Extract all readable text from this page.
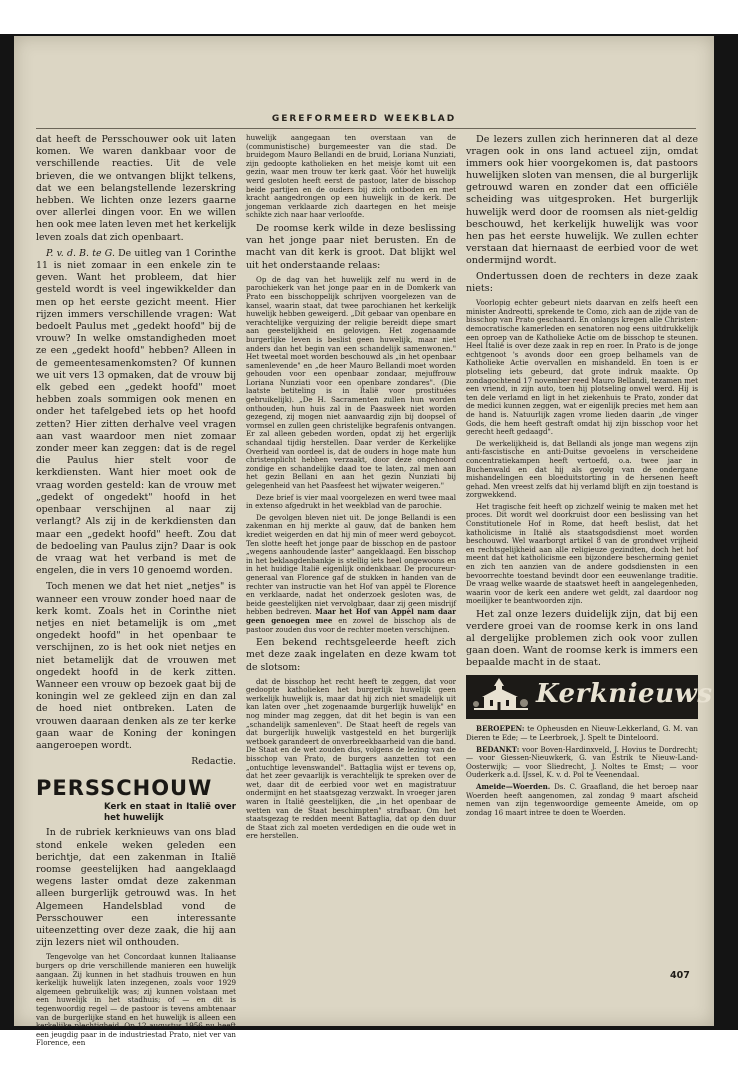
GEREFORMEERD WEEKBLAD

dat heeft de Persschouwer ook uit laten komen. We waren dankbaar voor de verschillende reacties. Uit de vele brieven, die we ontvangen blijkt telkens, dat we een belangstellende lezerskring hebben. We lichten onze lezers gaarne over allerlei dingen voor. En we willen hen ook mee laten leven met het kerkelijk leven zoals dat zich openbaart.

P. v. d. B. te G. De uitleg van 1 Corinthe 11 is niet zomaar in een enkele zin te geven. Want het probleem, dat hier gesteld wordt is veel ingewikkelder dan men op het eerste gezicht meent. Hier rijzen immers verschillende vragen: Wat bedoelt Paulus met „gedekt hoofd" bij de vrouw? In welke omstandigheden moet ze een „gedekt hoofd" hebben? Alleen in de gemeentesamenkomsten? Of kunnen we uit vers 13 opmaken, dat de vrouw bij elk gebed een „gedekt hoofd" moet hebben zoals sommigen ook menen en onder het tafelgebed iets op het hoofd zetten? Hier zitten derhalve veel vragen aan vast waardoor men niet zomaar zonder meer kan zeggen: dat is de regel die Paulus hier stelt voor de kerkdiensten. Want hier moet ook de vraag worden gesteld: kan de vrouw met „gedekt of ongedekt" hoofd in het openbaar verschijnen al naar zij verlangt? Als zij in de kerkdiensten dan maar een „gedekt hoofd" heeft. Zou dat de bedoeling van Paulus zijn? Daar is ook de vraag wat het verband is met de engelen, die in vers 10 genoemd worden.

Toch menen we dat het niet „netjes" is wanneer een vrouw zonder hoed naar de kerk komt. Zoals het in Corinthe niet netjes en niet betamelijk is om „met ongedekt hoofd" in het openbaar te verschijnen, zo is het ook niet netjes en niet betamelijk dat de vrouwen met ongedekt hoofd in de kerk zitten. Wanneer een vrouw op bezoek gaat bij de koningin wel ze gekleed zijn en dan zal de hoed niet ontbreken. Laten de vrouwen daaraan denken als ze ter kerke gaan waar de Koning der koningen aangeroepen wordt.

Redactie.

PERSSCHOUW
Kerk en staat in Italië over het huwelijk

In de rubriek kerknieuws van ons blad stond enkele weken geleden een berichtje, dat een zakenman in Italië roomse geestelijken had aangeklaagd wegens laster omdat deze zakenman alleen burgerlijk getrouwd was. In het Algemeen Handelsblad vond de Persschouwer een interessante uiteenzetting over deze zaak, die hij aan zijn lezers niet wil onthouden.

Tengevolge van het Concordaat kunnen Italiaanse burgers op drie verschillende manieren een huwelijk aangaan. Zij kunnen in het stadhuis trouwen en hun kerkelijk huwelijk laten inzegenen, zoals voor 1929 algemeen gebruikelijk was; zij kunnen volstaan met een huwelijk in het stadhuis; of — en dit is tegenwoordig regel — de pastoor is tevens ambtenaar van de burgerlijke stand en het huwelijk is alleen een kerkelijke plechtigheid. Op 12 augustus 1956 nu heeft een jeugdig paar in de industriestad Prato, niet ver van Florence, een

huwelijk aangegaan ten overstaan van de (communistische) burgemeester van die stad. De bruidegom Mauro Bellandi en de bruid, Loriana Nunziati, zijn gedoopte katholieken en het meisje komt uit een gezin, waar men trouw ter kerk gaat. Vóór het huwelijk werd gesloten heeft eerst de pastoor, later de bisschop beide partijen en de ouders bij zich ontboden en met kracht aangedrongen op een huwelijk in de kerk. De jongeman verklaarde zich daartegen en het meisje schikte zich naar haar verloofde.

De roomse kerk wilde in deze beslissing van het jonge paar niet berusten. En de macht van dit kerk is groot. Dat blijkt wel uit het onderstaande relaas:

Op de dag van het huwelijk zelf nu werd in de parochiekerk van het jonge paar en in de Domkerk van Prato een bisschoppelijk schrijven voorgelezen van de kansel, waarin staat, dat twee parochianen het kerkelijk huwelijk hebben geweigerd. „Dit gebaar van openbare en verachtelijke verguizing der religie bereidt diepe smart aan geestelijkheid en gelovigen. Het zogenaamde burgerlijke leven is beslist geen huwelijk, maar niet anders dan het begin van een schandelijk samenwonen." Het tweetal moet worden beschouwd als „in het openbaar samenlevende" en „de heer Mauro Bellandi moet worden gehouden voor een openbaar zondaar, mejuffrouw Loriana Nunziati voor een openbare zondares". (Die laatste betiteling is in Italië voor prostituées gebruikelijk). „De H. Sacramenten zullen hun worden onthouden, hun huis zal in de Paasweek niet worden gezegend, zij mogen niet aanvaardig zijn bij doopsel of vormsel en zullen geen christelijke begrafenis ontvangen. Er zal alleen gebeden worden, opdat zij het ergerlijk schandaal tijdig herstellen. Daar verder de Kerkelijke Overheid van oordeel is, dat de ouders in hoge mate hun christenplicht hebben verzaakt, door deze ongehoord zondige en schandelijke daad toe te laten, zal men aan het gezin Bellani en aan het gezin Nunziati bij gelegenheid van het Paasfeest het wijwater weigeren."

Deze brief is vier maal voorgelezen en werd twee maal in extenso afgedrukt in het weekblad van de parochie.

De gevolgen bleven niet uit. De jonge Bellandi is een zakenman en hij merkte al gauw, dat de banken hem krediet weigerden en dat hij min of meer werd geboycot. Ten slotte heeft het jonge paar de bisschop en de pastoor „wegens aanhoudende laster" aangeklaagd. Een bisschop in het beklaagdenbankje is stellig iets heel ongewoons en in het huidige Italië eigenlijk ondenkbaar. De procureur-generaal van Florence gaf de stukken in handen van de rechter van instructie van het Hof van appèl te Florence en verklaarde, nadat het onderzoek gesloten was, de beide geestelijken niet vervolgbaar, daar zij geen misdrijf hebben bedreven. Maar het Hof van Appèl nam daar geen genoegen mee en zowel de bisschop als de pastoor zouden dus voor de rechter moeten verschijnen.

Een bekend rechtsgeleerde heeft zich met deze zaak ingelaten en deze kwam tot de slotsom:

dat de bisschop het recht heeft te zeggen, dat voor gedoopte katholieken het burgerlijk huwelijk geen werkelijk huwelijk is, maar dat hij zich niet smadelijk uit kan laten over „het zogenaamde burgerlijk huwelijk" en nog minder mag zeggen, dat dit het begin is van een „schandelijk samenleven". De Staat heeft de regels van dat burgerlijk huwelijk vastgesteld en het burgerlijk wetboek garandeert de onverbreekbaarheid van die band. De Staat en de wet zouden dus, volgens de lezing van de bisschop van Prato, de burgers aanzetten tot een „ontuchtige levenswandel". Battaglia wijst er tevens op, dat het zeer gevaarlijk is verachtelijk te spreken over de wet, daar dit de eerbied voor wet en magistratuur ondermijnt en het staatsgezag verzwakt. In vroeger jaren waren in Italië geestelijken, die „in het openbaar de wetten van de Staat beschimpten" strafbaar. Om het staatsgezag te redden meent Battaglia, dat op den duur de Staat zich zal moeten verdedigen en die oude wet in ere herstellen.

De lezers zullen zich herinneren dat al deze vragen ook in ons land actueel zijn, omdat immers ook hier voorgekomen is, dat pastoors huwelijken sloten van mensen, die al burgerlijk getrouwd waren en zonder dat een officiële scheiding was uitgesproken. Het burgerlijk huwelijk werd door de roomsen als niet-geldig beschouwd, het kerkelijk huwelijk was voor hen pas het eerste huwelijk. We zullen echter verstaan dat hiernaast de eerbied voor de wet ondermijnd wordt.

Ondertussen doen de rechters in deze zaak niets:

Voorlopig echter gebeurt niets daarvan en zelfs heeft een minister Andreotti, sprekende te Como, zich aan de zijde van de bisschop van Prato geschaard. En onlangs kregen alle Christen-democratische kamerleden en senatoren nog eens uitdrukkelijk een oproep van de Katholieke Actie om de bisschop te steunen. Heel Italië is over deze zaak in rep en roer. In Prato is de jonge echtgenoot 's avonds door een groep belhamels van de Katholieke Actie overvallen en mishandeld. En toen is er plotseling iets gebeurd, dat grote indruk maakte. Op zondagochtend 17 november reed Mauro Bellandi, tezamen met een vriend, in zijn auto, toen hij plotseling onwel werd. Hij is ten dele verlamd en ligt in het ziekenhuis te Prato, zonder dat de medici kunnen zeggen, wat er eigenlijk precies met hem aan de hand is. Natuurlijk zagen vrome lieden daarin „de vinger Gods, die hem heeft gestraft omdat hij zijn bisschop voor het gerecht heeft gedaagd".

De werkelijkheid is, dat Bellandi als jonge man wegens zijn anti-fascistische en anti-Duitse gevoelens in verscheidene concentratiekampen heeft vertoefd, o.a. twee jaar in Buchenwald en dat hij als gevolg van de ondergane mishandelingen een bloeduitstorting in de hersenen heeft gehad. Men vreest zelfs dat hij verlamd blijft en zijn toestand is zorgwekkend.

Het tragische feit heeft op zichzelf weinig te maken met het proces. Dit wordt wel doorkruist door een beslissing van het Constitutionele Hof in Rome, dat heeft beslist, dat het katholicisme in Italië als staatsgodsdienst moet worden beschouwd. Wel waarborgt artikel 8 van de grondwet vrijheid en rechtsgelijkheid aan alle religieuze gezindten, doch het hof meent dat het katholicisme een bijzondere bescherming geniet en zich ten aanzien van de andere godsdiensten in een bevoorrechte toestand bevindt door een eeuwenlange traditie. De vraag welke waarde de staatswet heeft in aangelegenheden, waarin voor de kerk een andere wet geldt, zal daardoor nog moeilijker te beantwoorden zijn.

Het zal onze lezers duidelijk zijn, dat bij een verdere groei van de roomse kerk in ons land al dergelijke problemen zich ook voor zullen gaan doen. Want de roomse kerk is immers een bepaalde macht in de staat.

Kerknieuws

BEROEPEN: te Opheusden en Nieuw-Lekkerland, G. M. van Dieren te Ede; — te Leerbroek, J. Spelt te Dinteloord.

BEDANKT: voor Boven-Hardinxveld, J. Hovius te Dordrecht; — voor Giessen-Nieuwkerk, G. van Estrik te Nieuw-Land-Oosterwijk; — voor Sliedrecht, J. Noltes te Emst; — voor Ouderkerk a.d. IJssel, K. v. d. Pol te Veenendaal.

Ameide—Woerden. Ds. C. Graafland, die het beroep naar Woerden heeft aangenomen, zal zondag 9 maart afscheid nemen van zijn tegenwoordige gemeente Ameide, om op zondag 16 maart intree te doen te Woerden.

407
